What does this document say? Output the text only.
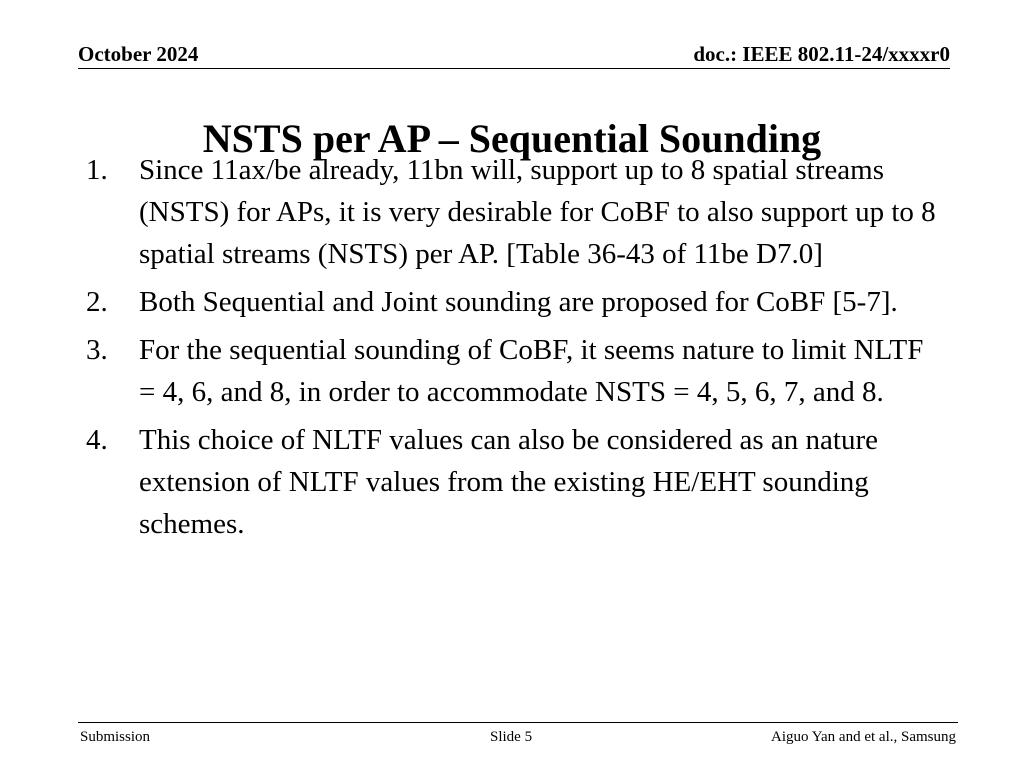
October 2024	doc.: IEEE 802.11-24/xxxxr0
NSTS per AP – Sequential Sounding
1.	Since 11ax/be already, 11bn will, support up to 8 spatial streams (NSTS) for APs, it is very desirable for CoBF to also support up to 8 spatial streams (NSTS) per AP. [Table 36-43 of 11be D7.0]
2.	Both Sequential and Joint sounding are proposed for CoBF [5-7].
3.	For the sequential sounding of CoBF, it seems nature to limit NLTF = 4, 6, and 8, in order to accommodate NSTS = 4, 5, 6, 7, and 8.
4.	This choice of NLTF values can also be considered as an nature extension of NLTF values from the existing HE/EHT sounding schemes.
Submission	Slide 5	Aiguo Yan and et al., Samsung
